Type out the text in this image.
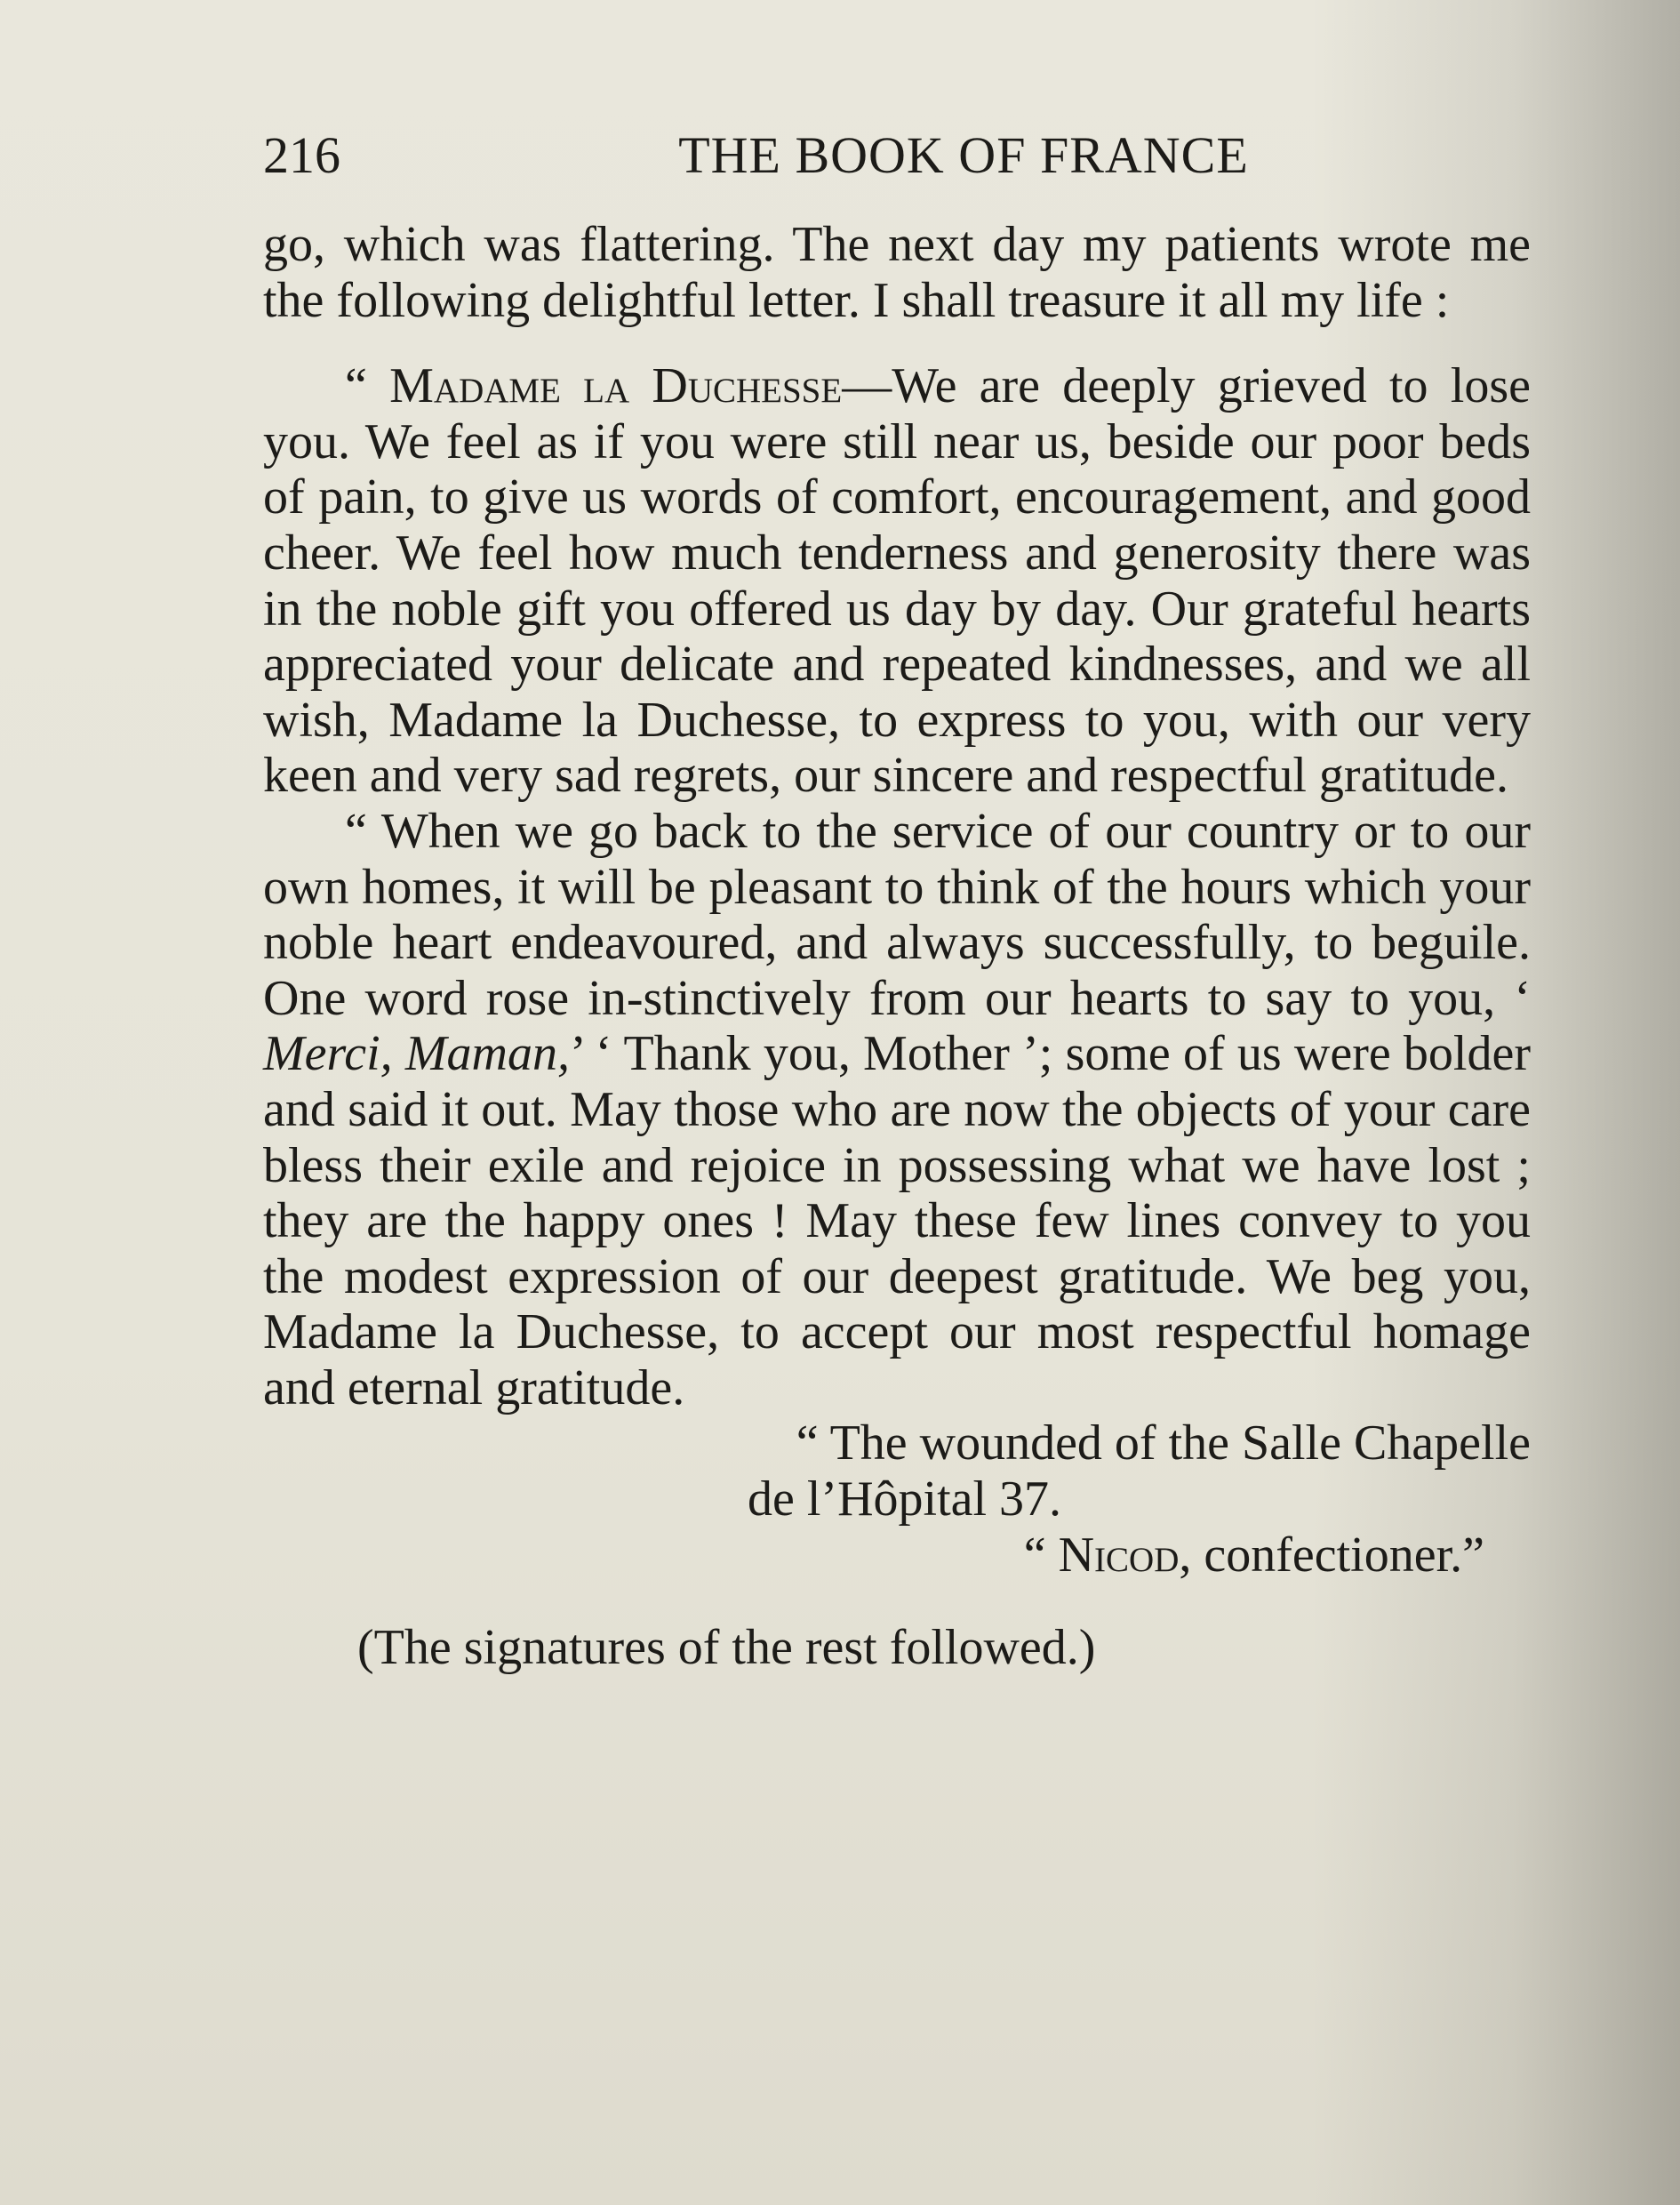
216	THE BOOK OF FRANCE

go, which was flattering. The next day my patients wrote me the following delightful letter. I shall treasure it all my life :

“ Madame la Duchesse—We are deeply grieved to lose you. We feel as if you were still near us, beside our poor beds of pain, to give us words of comfort, encouragement, and good cheer. We feel how much tenderness and generosity there was in the noble gift you offered us day by day. Our grateful hearts appreciated your delicate and repeated kindnesses, and we all wish, Madame la Duchesse, to express to you, with our very keen and very sad regrets, our sincere and respectful gratitude.

“ When we go back to the service of our country or to our own homes, it will be pleasant to think of the hours which your noble heart endeavoured, and always successfully, to beguile. One word rose in-stinctively from our hearts to say to you, ‘ Merci, Maman,’ ‘ Thank you, Mother ’; some of us were bolder and said it out. May those who are now the objects of your care bless their exile and rejoice in possessing what we have lost ; they are the happy ones ! May these few lines convey to you the modest expression of our deepest gratitude. We beg you, Madame la Duchesse, to accept our most respectful homage and eternal gratitude.

“ The wounded of the Salle Chapelle

de l’Hôpital 37.

“ Nicod, confectioner.”

(The signatures of the rest followed.)
